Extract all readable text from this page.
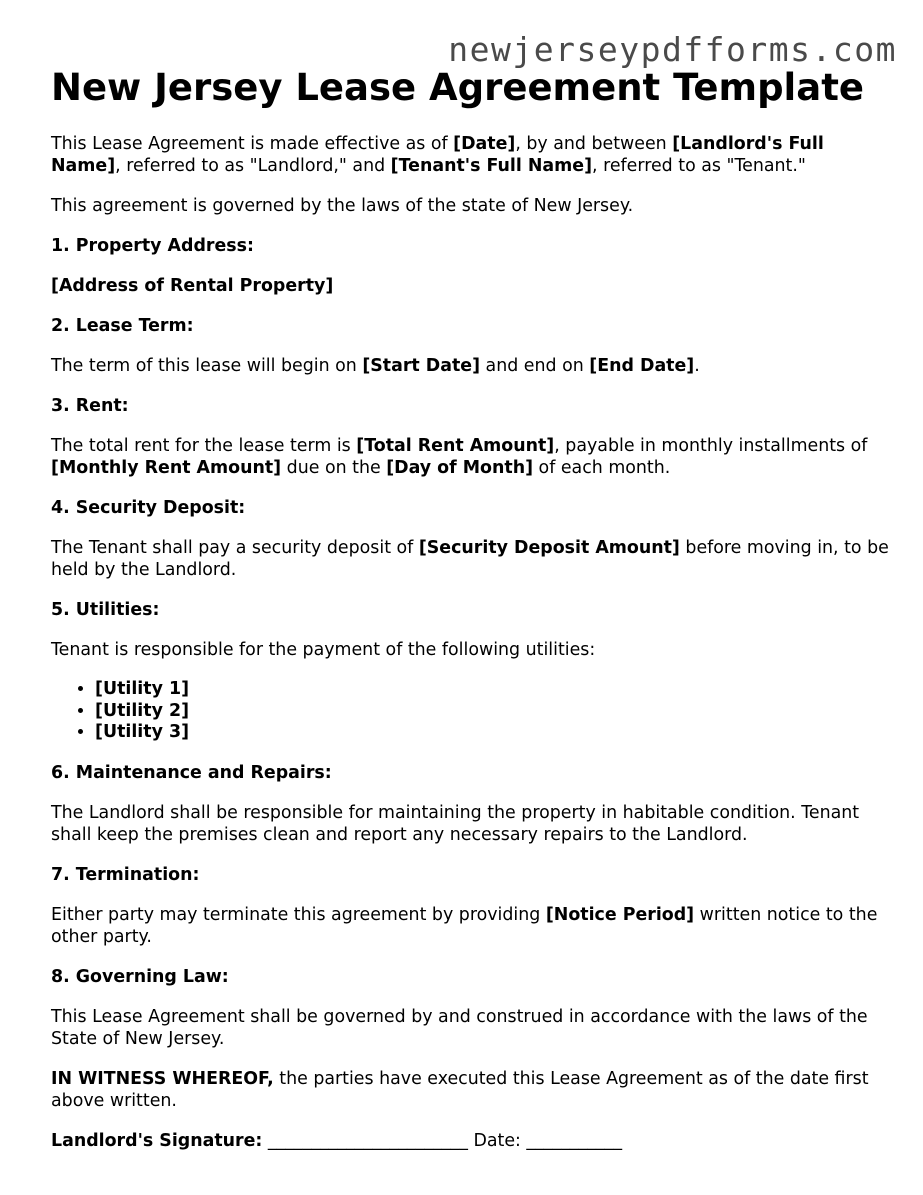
newjerseypdfforms.com
New Jersey Lease Agreement Template

This Lease Agreement is made effective as of [Date], by and between [Landlord's Full Name], referred to as "Landlord," and [Tenant's Full Name], referred to as "Tenant."

This agreement is governed by the laws of the state of New Jersey.

1. Property Address:

[Address of Rental Property]

2. Lease Term:

The term of this lease will begin on [Start Date] and end on [End Date].

3. Rent:

The total rent for the lease term is [Total Rent Amount], payable in monthly installments of [Monthly Rent Amount] due on the [Day of Month] of each month.

4. Security Deposit:

The Tenant shall pay a security deposit of [Security Deposit Amount] before moving in, to be held by the Landlord.

5. Utilities:

Tenant is responsible for the payment of the following utilities:

• [Utility 1]
• [Utility 2]
• [Utility 3]
6. Maintenance and Repairs:

The Landlord shall be responsible for maintaining the property in habitable condition. Tenant shall keep the premises clean and report any necessary repairs to the Landlord.

7. Termination:

Either party may terminate this agreement by providing [Notice Period] written notice to the other party.

8. Governing Law:

This Lease Agreement shall be governed by and construed in accordance with the laws of the State of New Jersey.

IN WITNESS WHEREOF, the parties have executed this Lease Agreement as of the date first above written.

Landlord's Signature: _______________________ Date: ___________
